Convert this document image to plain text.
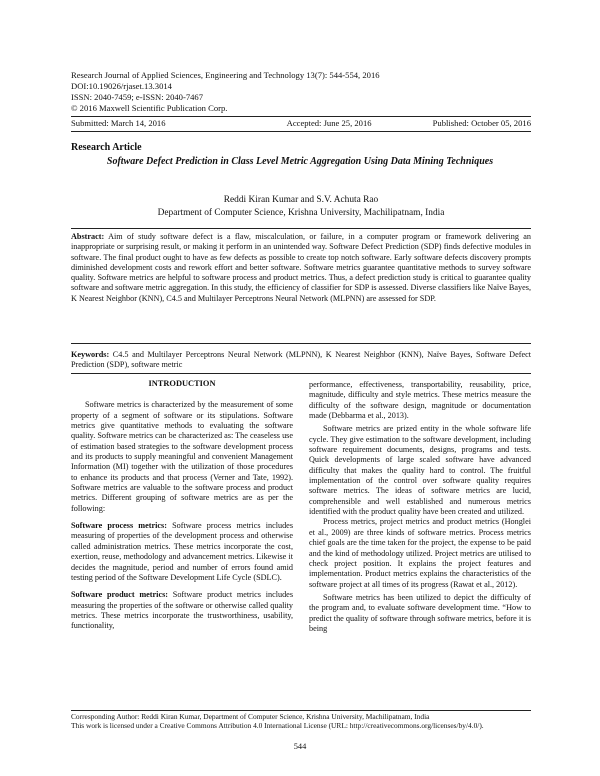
Research Journal of Applied Sciences, Engineering and Technology 13(7): 544-554, 2016
DOI:10.19026/rjaset.13.3014
ISSN: 2040-7459; e-ISSN: 2040-7467
© 2016 Maxwell Scientific Publication Corp.
Submitted: March 14, 2016	Accepted: June 25, 2016	Published: October 05, 2016
Research Article
Software Defect Prediction in Class Level Metric Aggregation Using Data Mining Techniques
Reddi Kiran Kumar and S.V. Achuta Rao
Department of Computer Science, Krishna University, Machilipatnam, India
Abstract: Aim of study software defect is a flaw, miscalculation, or failure, in a computer program or framework delivering an inappropriate or surprising result, or making it perform in an unintended way. Software Defect Prediction (SDP) finds defective modules in software. The final product ought to have as few defects as possible to create top notch software. Early software defects discovery prompts diminished development costs and rework effort and better software. Software metrics guarantee quantitative methods to survey software quality. Software metrics are helpful to software process and product metrics. Thus, a defect prediction study is critical to guarantee quality software and software metric aggregation. In this study, the efficiency of classifier for SDP is assessed. Diverse classifiers like Naïve Bayes, K Nearest Neighbor (KNN), C4.5 and Multilayer Perceptrons Neural Network (MLPNN) are assessed for SDP.
Keywords: C4.5 and Multilayer Perceptrons Neural Network (MLPNN), K Nearest Neighbor (KNN), Naïve Bayes, Software Defect Prediction (SDP), software metric
INTRODUCTION

Software metrics is characterized by the measurement of some property of a segment of software or its stipulations. Software metrics give quantitative methods to evaluating the software quality. Software metrics can be characterized as: The ceaseless use of estimation based strategies to the software development process and its products to supply meaningful and convenient Management Information (MI) together with the utilization of those procedures to enhance its products and that process (Verner and Tate, 1992). Software metrics are valuable to the software process and product metrics. Different grouping of software metrics are as per the following:

Software process metrics: Software process metrics includes measuring of properties of the development process and otherwise called administration metrics. These metrics incorporate the cost, exertion, reuse, methodology and advancement metrics. Likewise it decides the magnitude, period and number of errors found amid testing period of the Software Development Life Cycle (SDLC).

Software product metrics: Software product metrics includes measuring the properties of the software or otherwise called quality metrics. These metrics incorporate the trustworthiness, usability, functionality,

performance, effectiveness, transportability, reusability, price, magnitude, difficulty and style metrics. These metrics measure the difficulty of the software design, magnitude or documentation made (Debbarma et al., 2013).

Software metrics are prized entity in the whole software life cycle. They give estimation to the software development, including software requirement documents, designs, programs and tests. Quick developments of large scaled software have advanced difficulty that makes the quality hard to control. The fruitful implementation of the control over software quality requires software metrics. The ideas of software metrics are lucid, comprehensible and well established and numerous metrics identified with the product quality have been created and utilized.

Process metrics, project metrics and product metrics (Honglei et al., 2009) are three kinds of software metrics. Process metrics chief goals are the time taken for the project, the expense to be paid and the kind of methodology utilized. Project metrics are utilised to check project position. It explains the project features and implementation. Product metrics explains the characteristics of the software project at all times of its progress (Rawat et al., 2012).

Software metrics has been utilized to depict the difficulty of the program and, to evaluate software development time. “How to predict the quality of software through software metrics, before it is being

Corresponding Author: Reddi Kiran Kumar, Department of Computer Science, Krishna University, Machilipatnam, India
This work is licensed under a Creative Commons Attribution 4.0 International License (URL: http://creativecommons.org/licenses/by/4.0/).
544
